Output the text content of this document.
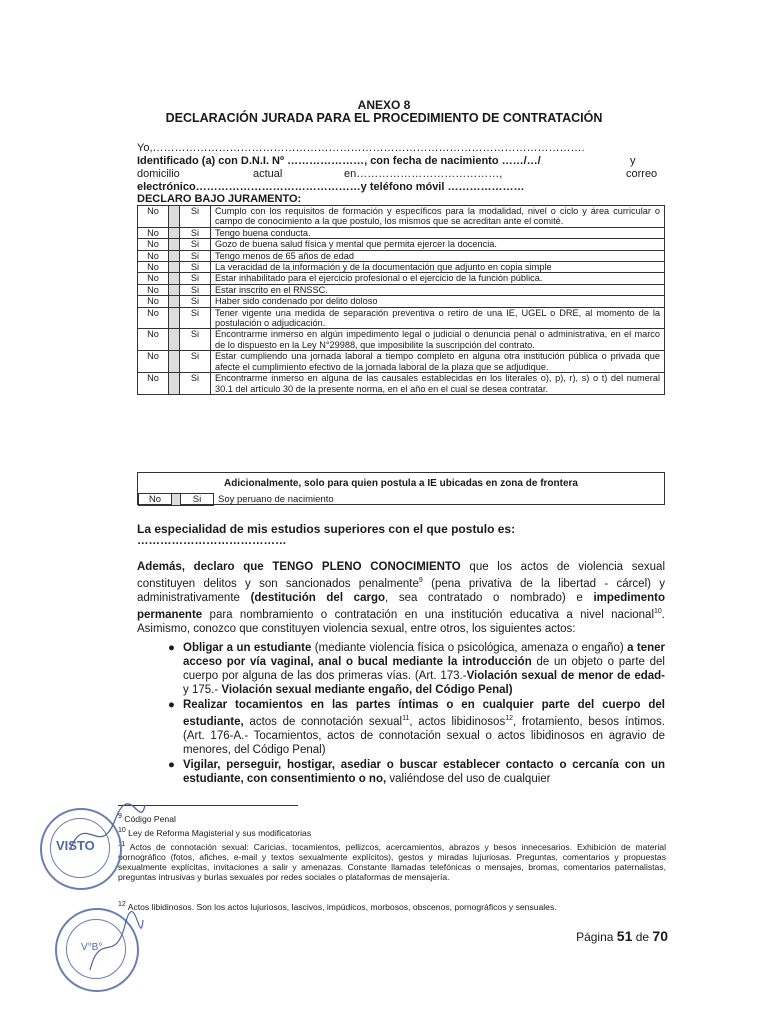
ANEXO 8
DECLARACIÓN JURADA PARA EL PROCEDIMIENTO DE CONTRATACIÓN
Yo,……………………………………………………………………………………………………….
Identificado (a) con D.N.I. Nº …………………, con fecha de nacimiento ……/…/	y
domicilio	actual	en…………………………………,	correo
electrónico………………………………………y teléfono móvil …………………
DECLARO BAJO JURAMENTO:
No		Si	Cumplo con los requisitos de formación y específicos para la modalidad, nivel o ciclo y área curricular o campo de conocimiento a la que postulo, los mismos que se acreditan ante el comité.
No		Si	Tengo buena conducta.
No		Si	Gozo de buena salud física y mental que permita ejercer la docencia.
No		Si	Tengo menos de 65 años de edad
No		Si	La veracidad de la información y de la documentación que adjunto en copia simple
No		Si	Estar inhabilitado para el ejercicio profesional o el ejercicio de la función pública.
No		Si	Estar inscrito en el RNSSC.
No		Si	Haber sido condenado por delito doloso
No		Si	Tener vigente una medida de separación preventiva o retiro de una IE, UGEL o DRE, al momento de la postulación o adjudicación.
No		Si	Encontrarme inmerso en algún impedimento legal o judicial o denuncia penal o administrativa, en el marco de lo dispuesto en la Ley N°29988, que imposibilite la suscripción del contrato.
No		Si	Estar cumpliendo una jornada laboral a tiempo completo en alguna otra institución pública o privada que afecte el cumplimiento efectivo de la jornada laboral de la plaza que se adjudique.
No		Si	Encontrarme inmerso en alguna de las causales establecidas en los literales o), p), r), s) o t) del numeral 30.1 del artículo 30 de la presente norma, en el año en el cual se desea contratar.
Adicionalmente, solo para quien postula a IE ubicadas en zona de frontera
No		Si	Soy peruano de nacimiento
La especialidad de mis estudios superiores con el que postulo es:
…………………………………
Además, declaro que TENGO PLENO CONOCIMIENTO que los actos de violencia sexual constituyen delitos y son sancionados penalmente$^9$ (pena privativa de la libertad - cárcel) y administrativamente (destitución del cargo, sea contratado o nombrado) e impedimento permanente para nombramiento o contratación en una institución educativa a nivel nacional$^{10}$. Asimismo, conozco que constituyen violencia sexual, entre otros, los siguientes actos:
● Obligar a un estudiante (mediante violencia física o psicológica, amenaza o engaño) a tener acceso por vía vaginal, anal o bucal mediante la introducción de un objeto o parte del cuerpo por alguna de las dos primeras vías. (Art. 173.-Violación sexual de menor de edad- y 175.- Violación sexual mediante engaño, del Código Penal)
● Realizar tocamientos en las partes íntimas o en cualquier parte del cuerpo del estudiante, actos de connotación sexual$^{11}$, actos libidinosos$^{12}$, frotamiento, besos íntimos. (Art. 176-A.- Tocamientos, actos de connotación sexual o actos libidinosos en agravio de menores, del Código Penal)
● Vigilar, perseguir, hostigar, asediar o buscar establecer contacto o cercanía con un estudiante, con consentimiento o no, valiéndose del uso de cualquier
$^9$ Código Penal
$^{10}$ Ley de Reforma Magisterial y sus modificatorias
$^{11}$ Actos de connotación sexual: Caricias, tocamientos, pellizcos, acercamientos, abrazos y besos innecesarios. Exhibición de material pornográfico (fotos, afiches, e-mail y textos sexualmente explícitos), gestos y miradas lujuriosas. Preguntas, comentarios y propuestas sexualmente explícitas, invitaciones a salir y amenazas. Constante llamadas telefónicas o mensajes, bromas, comentarios paternalistas, preguntas intrusivas y burlas sexuales por redes sociales o plataformas de mensajería.
$^{12}$ Actos libidinosos. Son los actos lujuriosos, lascivos, impúdicos, morbosos, obscenos, pornográficos y sensuales.
VISTO
V°B°
Página 51 de 70
